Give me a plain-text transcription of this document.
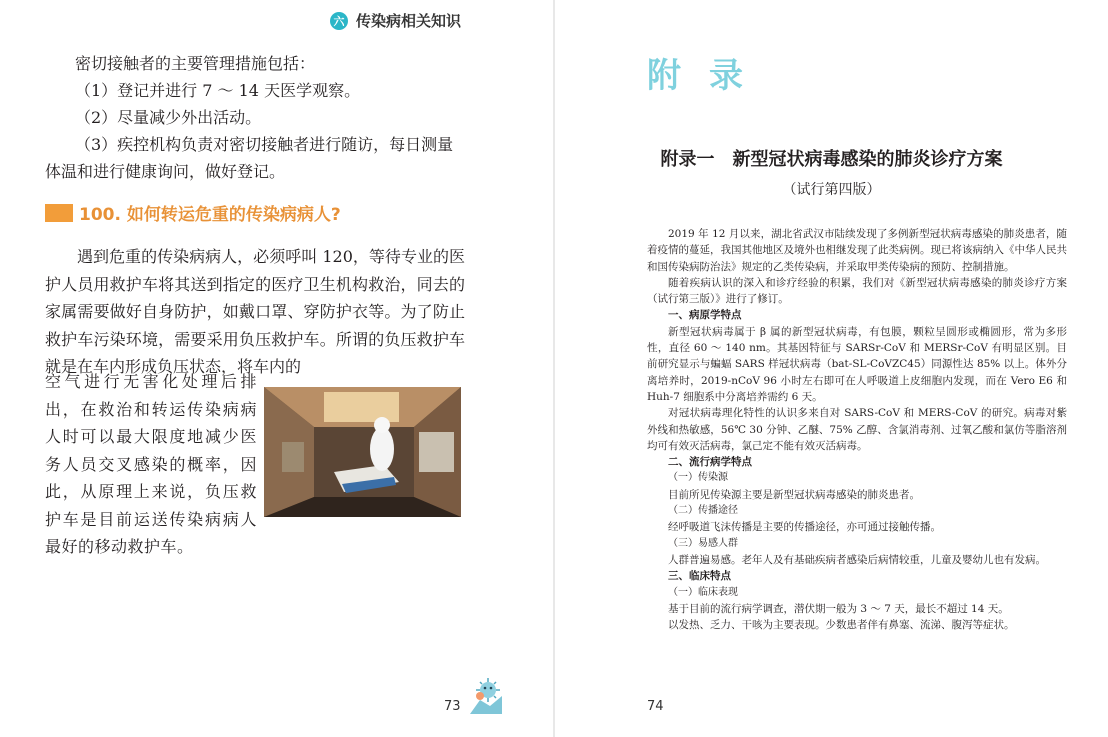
六 传染病相关知识

密切接触者的主要管理措施包括：

（1）登记并进行 7 ～ 14 天医学观察。

（2）尽量减少外出活动。

（3）疾控机构负责对密切接触者进行随访，每日测量体温和进行健康询问，做好登记。

100. 如何转运危重的传染病病人?
遇到危重的传染病病人，必须呼叫 120，等待专业的医护人员用救护车将其送到指定的医疗卫生机构救治，同去的家属需要做好自身防护，如戴口罩、穿防护衣等。为了防止救护车污染环境，需要采用负压救护车。所谓的负压救护车就是在车内形成负压状态，将车内的
空气进行无害化处理后排出，在救治和转运传染病病人时可以最大限度地减少医务人员交叉感染的概率，因此，从原理上来说，负压救护车是目前运送传染病病人最好的移动救护车。
73
附录
附录一　新型冠状病毒感染的肺炎诊疗方案
（试行第四版）

2019 年 12 月以来，湖北省武汉市陆续发现了多例新型冠状病毒感染的肺炎患者，随着疫情的蔓延，我国其他地区及境外也相继发现了此类病例。现已将该病纳入《中华人民共和国传染病防治法》规定的乙类传染病，并采取甲类传染病的预防、控制措施。

随着疾病认识的深入和诊疗经验的积累，我们对《新型冠状病毒感染的肺炎诊疗方案（试行第三版）》进行了修订。

一、病原学特点

新型冠状病毒属于 β 属的新型冠状病毒，有包膜，颗粒呈圆形或椭圆形，常为多形性，直径 60 ～ 140 nm。其基因特征与 SARSr-CoV 和 MERSr-CoV 有明显区别。目前研究显示与蝙蝠 SARS 样冠状病毒（bat-SL-CoVZC45）同源性达 85% 以上。体外分离培养时，2019-nCoV 96 小时左右即可在人呼吸道上皮细胞内发现，而在 Vero E6 和 Huh-7 细胞系中分离培养需约 6 天。

对冠状病毒理化特性的认识多来自对 SARS-CoV 和 MERS-CoV 的研究。病毒对紫外线和热敏感，56℃ 30 分钟、乙醚、75% 乙醇、含氯消毒剂、过氧乙酸和氯仿等脂溶剂均可有效灭活病毒，氯己定不能有效灭活病毒。

二、流行病学特点

（一）传染源

目前所见传染源主要是新型冠状病毒感染的肺炎患者。

（二）传播途径

经呼吸道飞沫传播是主要的传播途径，亦可通过接触传播。

（三）易感人群

人群普遍易感。老年人及有基础疾病者感染后病情较重，儿童及婴幼儿也有发病。

三、临床特点

（一）临床表现

基于目前的流行病学调查，潜伏期一般为 3 ～ 7 天，最长不超过 14 天。

以发热、乏力、干咳为主要表现。少数患者伴有鼻塞、流涕、腹泻等症状。

74
